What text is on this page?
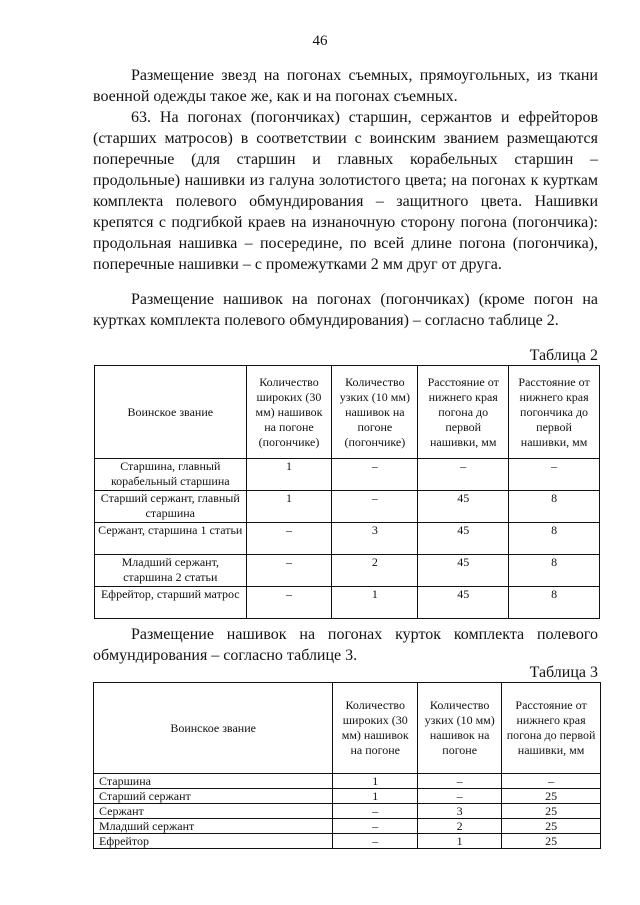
46

Размещение звезд на погонах съемных, прямоугольных, из ткани военной одежды такое же, как и на погонах съемных.

63. На погонах (погончиках) старшин, сержантов и ефрейторов (старших матросов) в соответствии с воинским званием размещаются поперечные (для старшин и главных корабельных старшин – продольные) нашивки из галуна золотистого цвета; на погонах к курткам комплекта полевого обмундирования – защитного цвета. Нашивки крепятся с подгибкой краев на изнаночную сторону погона (погончика): продольная нашивка – посередине, по всей длине погона (погончика), поперечные нашивки – с промежутками 2 мм друг от друга.

Размещение нашивок на погонах (погончиках) (кроме погон на куртках комплекта полевого обмундирования) – согласно таблице 2.

Таблица 2
Воинское звание	Количество широких (30 мм) нашивок на погоне (погончике)	Количество узких (10 мм) нашивок на погоне (погончике)	Расстояние от нижнего края погона до первой нашивки, мм	Расстояние от нижнего края погончика до первой нашивки, мм
Старшина, главный корабельный старшина	1	–	–	–
Старший сержант, главный старшина	1	–	45	8
Сержант, старшина 1 статьи	–	3	45	8
Младший сержант, старшина 2 статьи	–	2	45	8
Ефрейтор, старший матрос	–	1	45	8

Размещение нашивок на погонах курток комплекта полевого обмундирования – согласно таблице 3.

Таблица 3
Воинское звание	Количество широких (30 мм) нашивок на погоне	Количество узких (10 мм) нашивок на погоне	Расстояние от нижнего края погона до первой нашивки, мм
Старшина	1	–	–
Старший сержант	1	–	25
Сержант	–	3	25
Младший сержант	–	2	25
Ефрейтор	–	1	25
